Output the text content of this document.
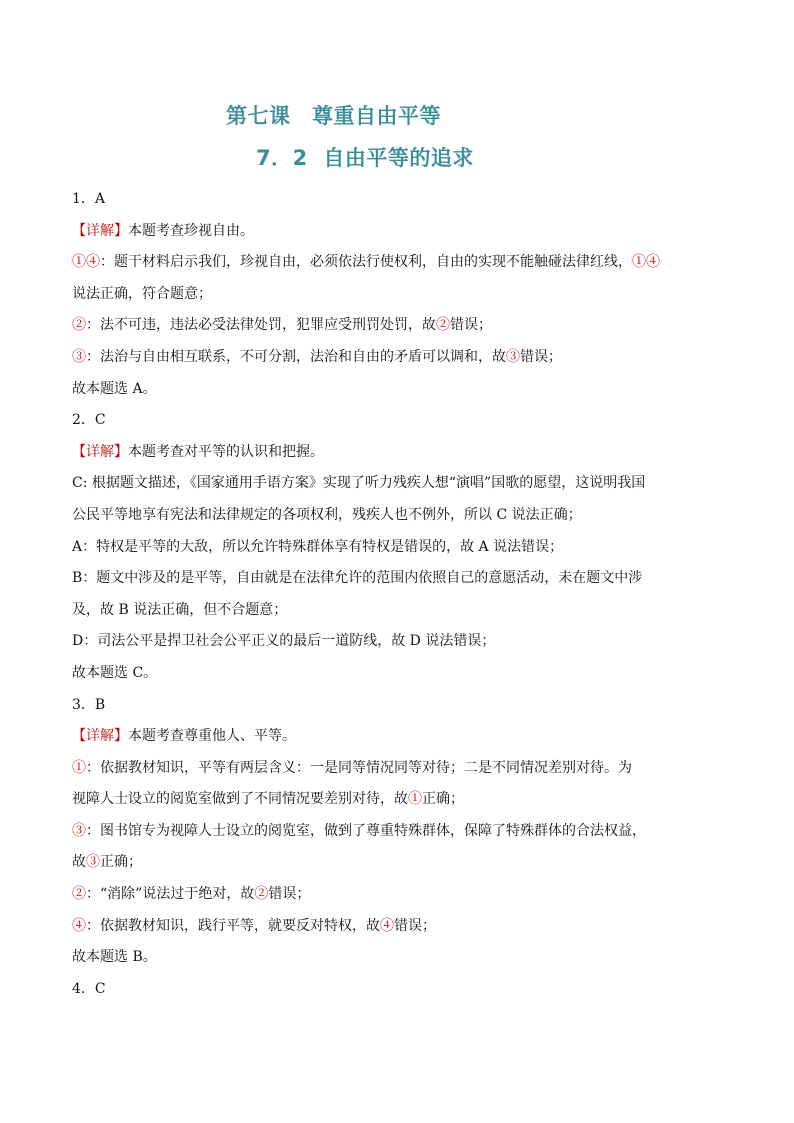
第七课　尊重自由平等
7．2  自由平等的追求
1．A
【详解】本题考查珍视自由。
①④：题干材料启示我们，珍视自由，必须依法行使权利，自由的实现不能触碰法律红线，①④
说法正确，符合题意；
②：法不可违，违法必受法律处罚，犯罪应受刑罚处罚，故②错误；
③：法治与自由相互联系，不可分割，法治和自由的矛盾可以调和，故③错误；
故本题选 A。
2．C
【详解】本题考查对平等的认识和把握。
C: 根据题文描述，《国家通用手语方案》实现了听力残疾人想“演唱”国歌的愿望，这说明我国
公民平等地享有宪法和法律规定的各项权利，残疾人也不例外，所以 C 说法正确；
A：特权是平等的大敌，所以允许特殊群体享有特权是错误的，故 A 说法错误；
B：题文中涉及的是平等，自由就是在法律允许的范围内依照自己的意愿活动，未在题文中涉
及，故 B 说法正确，但不合题意；
D：司法公平是捍卫社会公平正义的最后一道防线，故 D 说法错误；
故本题选 C。
3．B
【详解】本题考查尊重他人、平等。
①：依据教材知识，平等有两层含义：一是同等情况同等对待；二是不同情况差别对待。为
视障人士设立的阅览室做到了不同情况要差别对待，故①正确；
③：图书馆专为视障人士设立的阅览室，做到了尊重特殊群体，保障了特殊群体的合法权益，
故③正确；
②：“消除”说法过于绝对，故②错误；
④：依据教材知识，践行平等，就要反对特权，故④错误；
故本题选 B。
4．C
